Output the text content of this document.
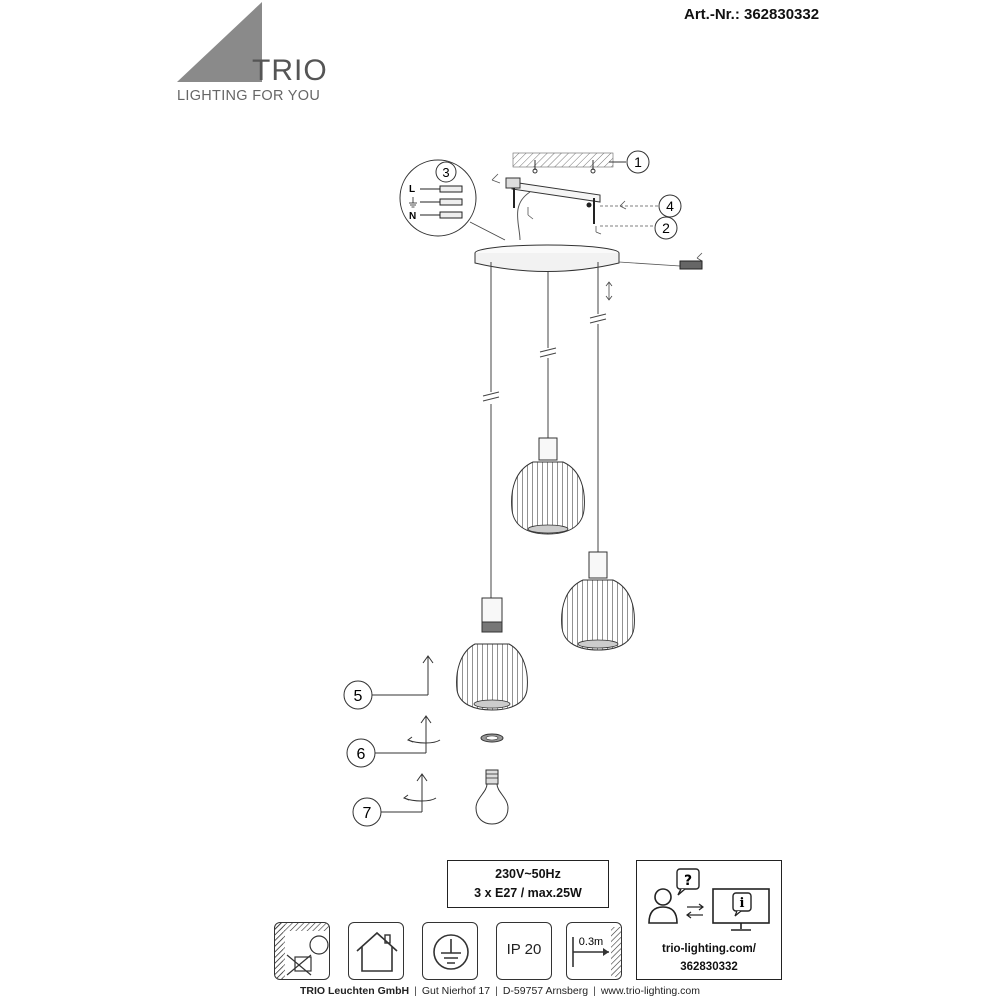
TRIO
LIGHTING FOR YOU
Art.-Nr.: 362830332
1
4
2
3
L
N
5
6
7
230V~50Hz
3 x E27 / max.25W
?
i
trio-lighting.com/
362830332
IP 20	0.3m
TRIO Leuchten GmbH | Gut Nierhof 17 | D-59757 Arnsberg | www.trio-lighting.com
